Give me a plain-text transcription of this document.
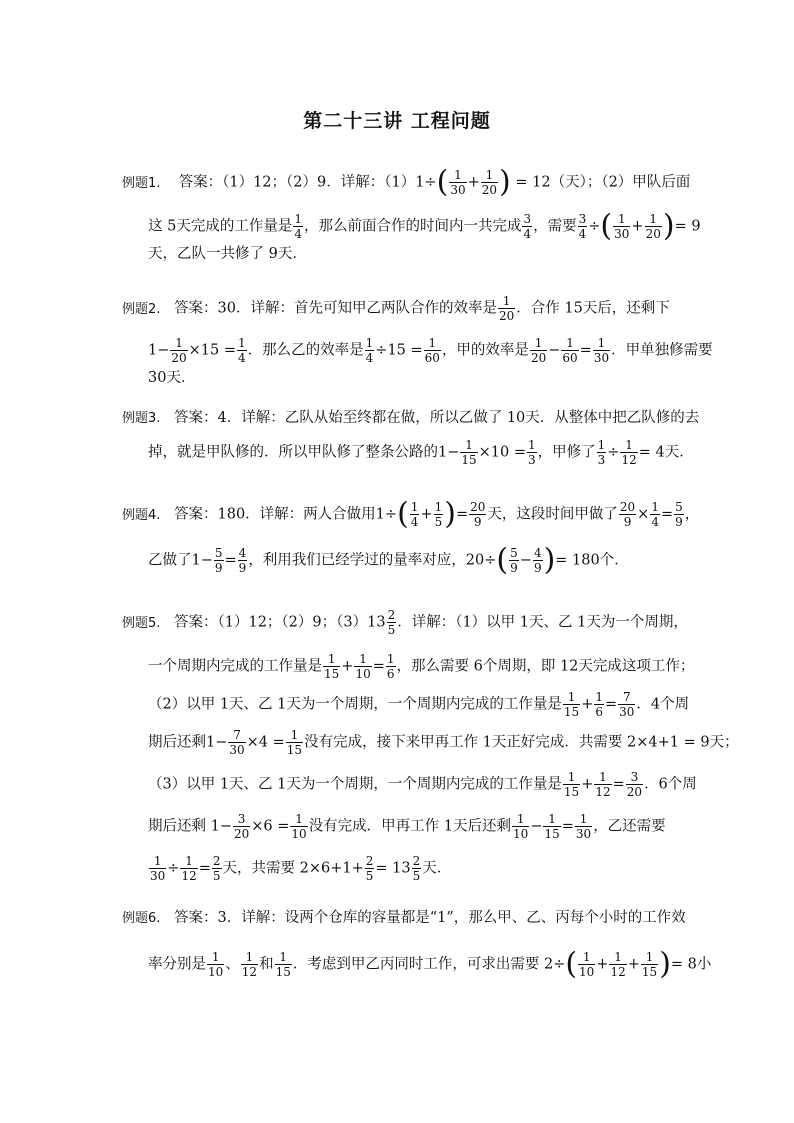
第二十三讲 工程问题
例题1. 答案：（1）12；（2）9．详解：$(1)1\div( \frac{1}{30} + \frac{1}{20}$ ) = 12（天）；（2）甲队后面
这 5天完成的工作量是 $\frac{1}{4}$ ，那么前面合作的时间内一共完成 $\frac{3}{4}$ ，需要 $\frac{3}{4}$ ÷( $\frac{1}{30} + \frac{1}{20}$ )= 9
天，乙队一共修了 9天．
例题2. 答案：30．详解：首先可知甲乙两队合作的效率是 $\frac{1}{20}$ ．合作 15天后，还剩下
$1- \frac{1}{20} \times 15 = \frac{1}{4}$ ．那么乙的效率是 $\frac{1}{4} \div 15 = \frac{1}{60}$ ，甲的效率是 $\frac{1}{20} - \frac{1}{60} = \frac{1}{30}$ ．甲单独修需要
30天．
例题3. 答案：4．详解：乙队从始至终都在做，所以乙做了 10天．从整体中把乙队修的去
掉，就是甲队修的．所以甲队修了整条公路的$1- \frac{1}{15} \times 10 = \frac{1}{3}$ ，甲修了 $\frac{1}{3} \div \frac{1}{12} = 4$天．
例题4. 答案：180．详解：两人合做用$1\div( \frac{1}{4} + \frac{1}{5}$ )= $\frac{20}{9}$ 天，这段时间甲做了 $\frac{20}{9} \times \frac{1}{4} = \frac{5}{9}$ ，
乙做了$1- \frac{5}{9} = \frac{4}{9}$ ，利用我们已经学过的量率对应，$20\div( \frac{5}{9} - \frac{4}{9}$ )= 180个．
例题5. 答案：（1）12；（2）9；$(3)13 \frac{2}{5}$ ．详解：（1）以甲 1天、乙 1天为一个周期，
一个周期内完成的工作量是 $\frac{1}{15} + \frac{1}{10} = \frac{1}{6}$ ，那么需要 6个周期，即 12天完成这项工作；
（2）以甲 1天、乙 1天为一个周期，一个周期内完成的工作量是 $\frac{1}{15} + \frac{1}{6} = \frac{7}{30}$ ．4个周
期后还剩$1- \frac{7}{30} \times 4 = \frac{1}{15}$ 没有完成，接下来甲再工作 1天正好完成．共需要 2×4+1 = 9天；
（3）以甲 1天、乙 1天为一个周期，一个周期内完成的工作量是 $\frac{1}{15} + \frac{1}{12} = \frac{3}{20}$ ．6个周
期后还剩 $1- \frac{3}{20} \times 6 = \frac{1}{10}$ 没有完成．甲再工作 1天后还剩 $\frac{1}{10} - \frac{1}{15} = \frac{1}{30}$ ，乙还需要
$\frac{1}{30} \div \frac{1}{12} = \frac{2}{5}$ 天，共需要 $2\times 6+1+ \frac{2}{5} = 13 \frac{2}{5}$ 天．
例题6. 答案：3．详解：设两个仓库的容量都是“1”，那么甲、乙、丙每个小时的工作效
率分别是 $\frac{1}{10}$ 、 $\frac{1}{12}$ 和 $\frac{1}{15}$ ．考虑到甲乙丙同时工作，可求出需要 $2\div( \frac{1}{10} + \frac{1}{12} + \frac{1}{15}$ )= 8小
